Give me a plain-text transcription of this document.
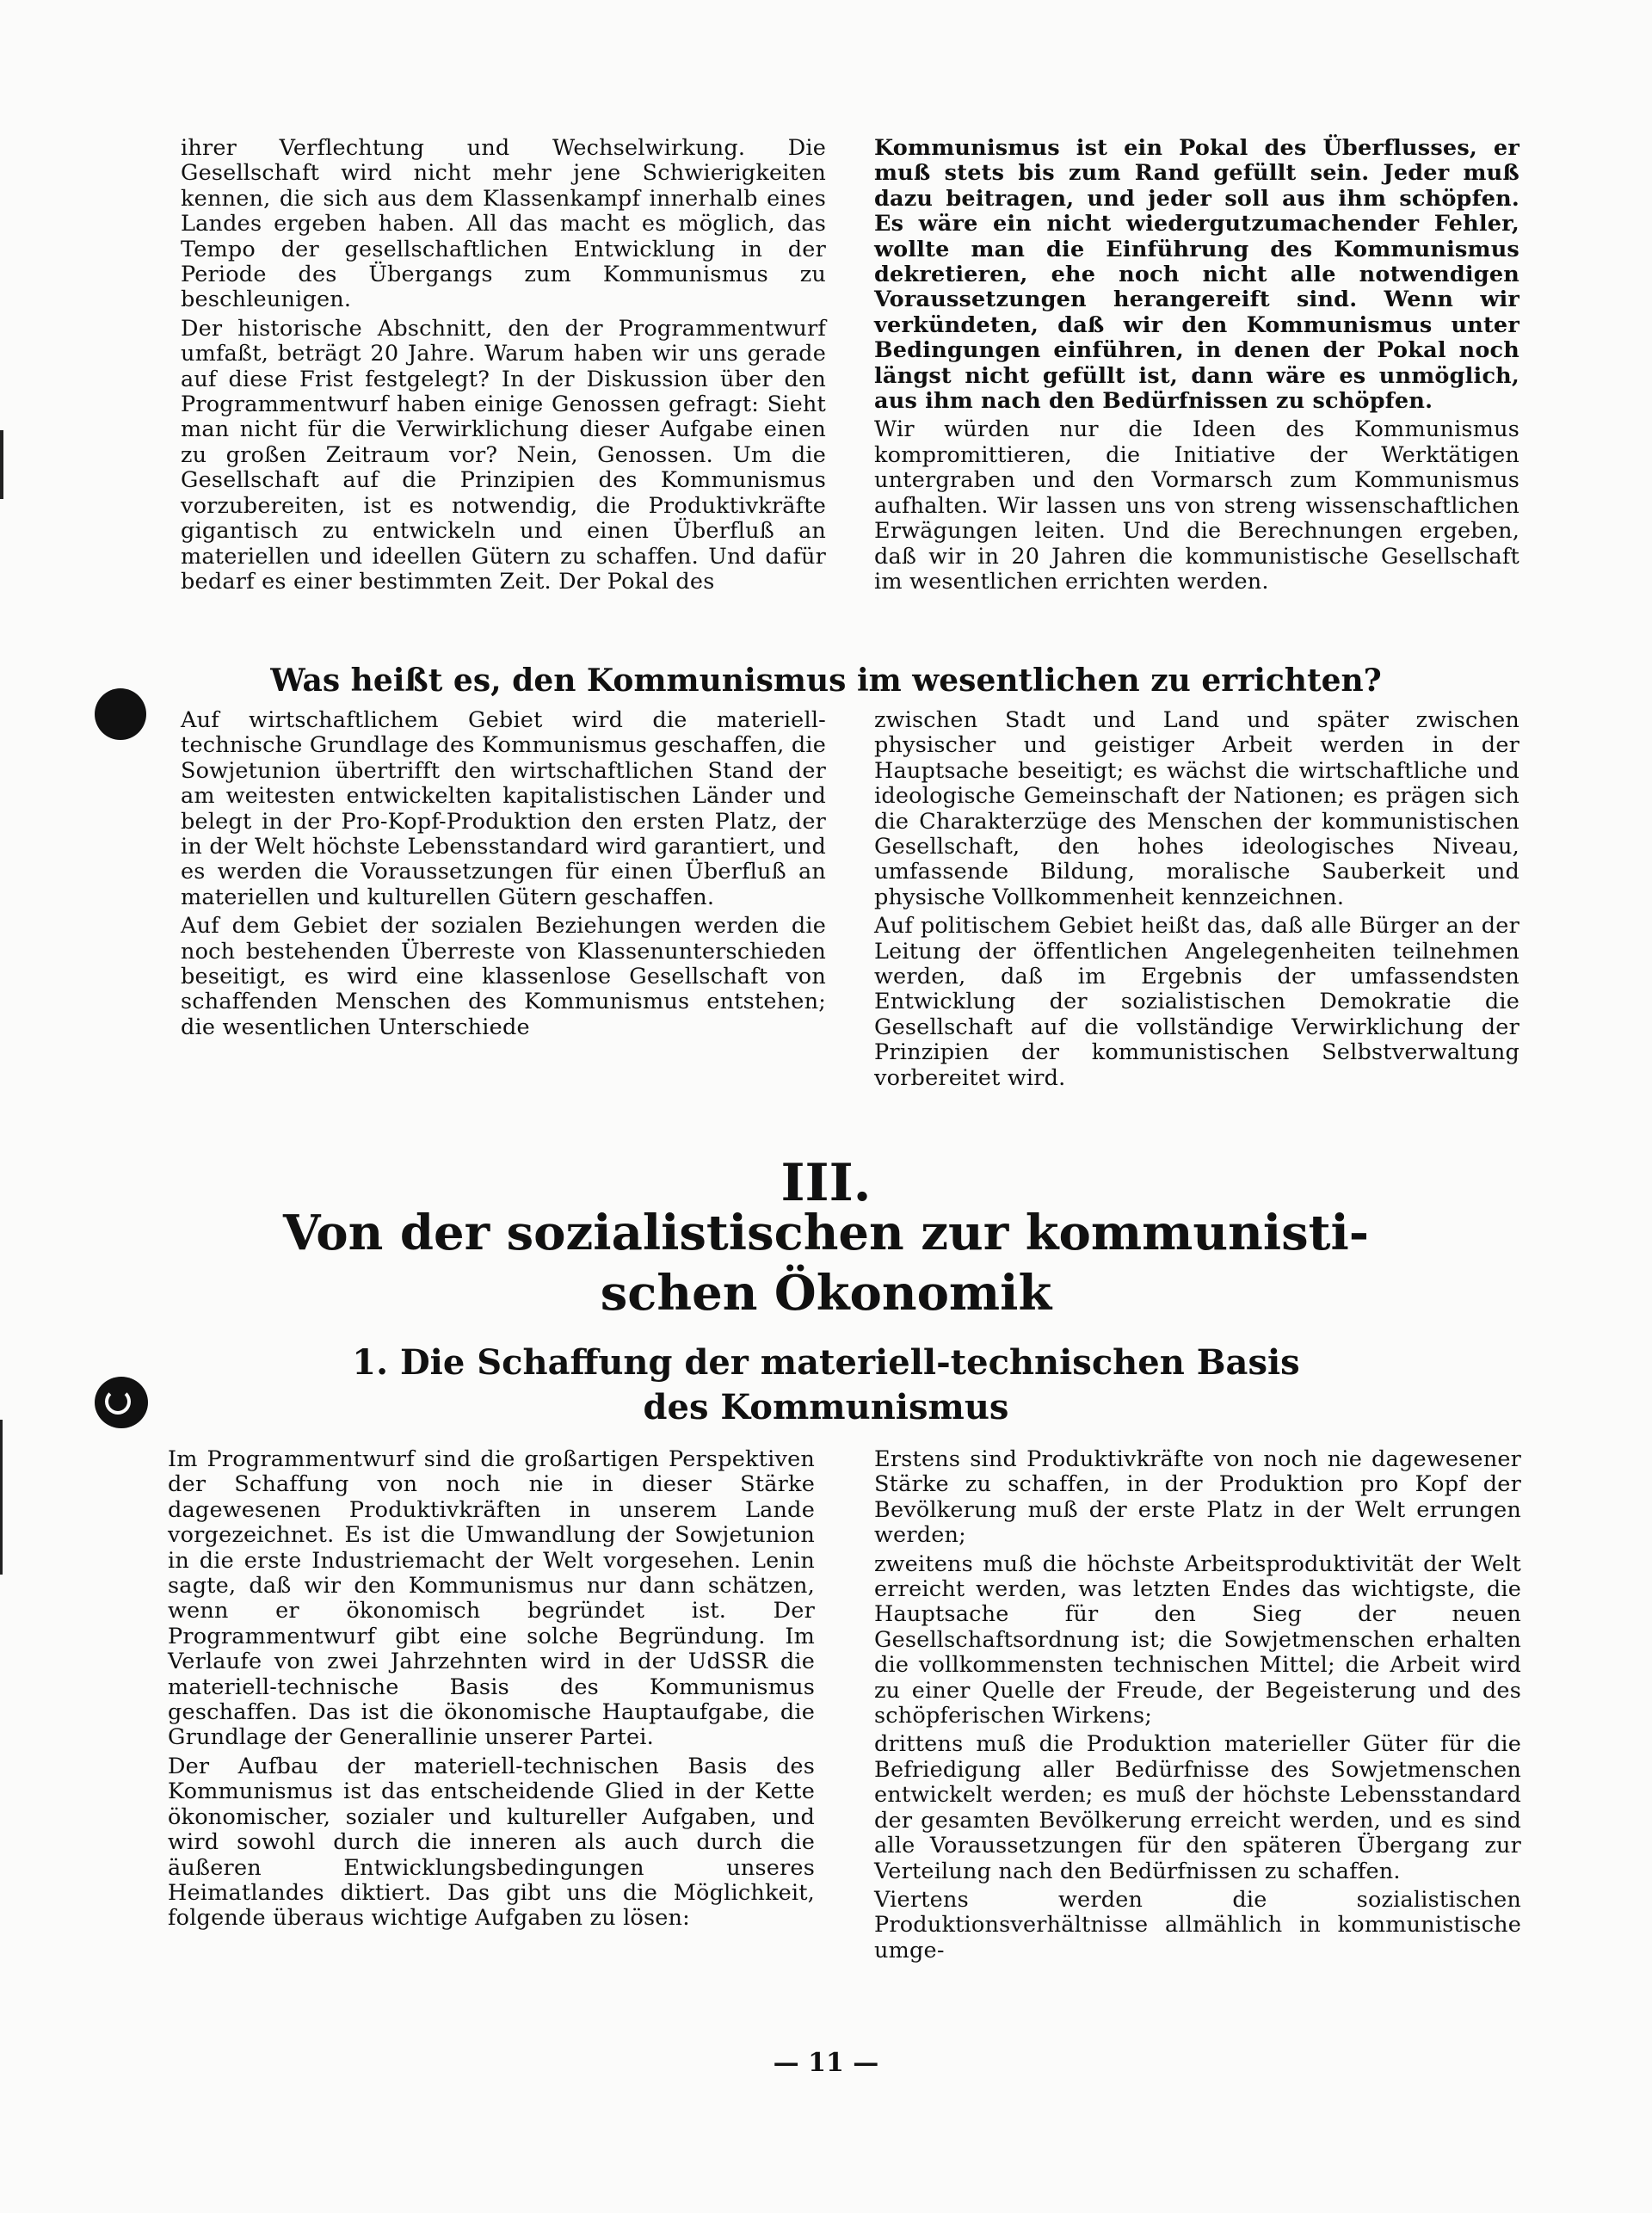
ihrer Verflechtung und Wechselwirkung. Die Gesellschaft wird nicht mehr jene Schwierigkeiten kennen, die sich aus dem Klassenkampf innerhalb eines Landes ergeben haben. All das macht es möglich, das Tempo der gesellschaftlichen Entwicklung in der Periode des Übergangs zum Kommunismus zu beschleunigen.

Der historische Abschnitt, den der Programmentwurf umfaßt, beträgt 20 Jahre. Warum haben wir uns gerade auf diese Frist festgelegt? In der Diskussion über den Programmentwurf haben einige Genossen gefragt: Sieht man nicht für die Verwirklichung dieser Aufgabe einen zu großen Zeitraum vor? Nein, Genossen. Um die Gesellschaft auf die Prinzipien des Kommunismus vorzubereiten, ist es notwendig, die Produktivkräfte gigantisch zu entwickeln und einen Überfluß an materiellen und ideellen Gütern zu schaffen. Und dafür bedarf es einer bestimmten Zeit. Der Pokal des

Kommunismus ist ein Pokal des Überflusses, er muß stets bis zum Rand gefüllt sein. Jeder muß dazu beitragen, und jeder soll aus ihm schöpfen. Es wäre ein nicht wiedergutzumachender Fehler, wollte man die Einführung des Kommunismus dekretieren, ehe noch nicht alle notwendigen Voraussetzungen herangereift sind. Wenn wir verkündeten, daß wir den Kommunismus unter Bedingungen einführen, in denen der Pokal noch längst nicht gefüllt ist, dann wäre es unmöglich, aus ihm nach den Bedürfnissen zu schöpfen.

Wir würden nur die Ideen des Kommunismus kompromittieren, die Initiative der Werktätigen untergraben und den Vormarsch zum Kommunismus aufhalten. Wir lassen uns von streng wissenschaftlichen Erwägungen leiten. Und die Berechnungen ergeben, daß wir in 20 Jahren die kommunistische Gesellschaft im wesentlichen errichten werden.

Was heißt es, den Kommunismus im wesentlichen zu errichten?

Auf wirtschaftlichem Gebiet wird die materiell-technische Grundlage des Kommunismus geschaffen, die Sowjetunion übertrifft den wirtschaftlichen Stand der am weitesten entwickelten kapitalistischen Länder und belegt in der Pro-Kopf-Produktion den ersten Platz, der in der Welt höchste Lebensstandard wird garantiert, und es werden die Voraussetzungen für einen Überfluß an materiellen und kulturellen Gütern geschaffen.

Auf dem Gebiet der sozialen Beziehungen werden die noch bestehenden Überreste von Klassenunterschieden beseitigt, es wird eine klassenlose Gesellschaft von schaffenden Menschen des Kommunismus entstehen; die wesentlichen Unterschiede

zwischen Stadt und Land und später zwischen physischer und geistiger Arbeit werden in der Hauptsache beseitigt; es wächst die wirtschaftliche und ideologische Gemeinschaft der Nationen; es prägen sich die Charakterzüge des Menschen der kommunistischen Gesellschaft, den hohes ideologisches Niveau, umfassende Bildung, moralische Sauberkeit und physische Vollkommenheit kennzeichnen.

Auf politischem Gebiet heißt das, daß alle Bürger an der Leitung der öffentlichen Angelegenheiten teilnehmen werden, daß im Ergebnis der umfassendsten Entwicklung der sozialistischen Demokratie die Gesellschaft auf die vollständige Verwirklichung der Prinzipien der kommunistischen Selbstverwaltung vorbereitet wird.

III.
Von der sozialistischen zur kommunisti-
schen Ökonomik
1. Die Schaffung der materiell-technischen Basis
des Kommunismus

Im Programmentwurf sind die großartigen Perspektiven der Schaffung von noch nie in dieser Stärke dagewesenen Produktivkräften in unserem Lande vorgezeichnet. Es ist die Umwandlung der Sowjetunion in die erste Industriemacht der Welt vorgesehen. Lenin sagte, daß wir den Kommunismus nur dann schätzen, wenn er ökonomisch begründet ist. Der Programmentwurf gibt eine solche Begründung. Im Verlaufe von zwei Jahrzehnten wird in der UdSSR die materiell-technische Basis des Kommunismus geschaffen. Das ist die ökonomische Hauptaufgabe, die Grundlage der Generallinie unserer Partei.

Der Aufbau der materiell-technischen Basis des Kommunismus ist das entscheidende Glied in der Kette ökonomischer, sozialer und kultureller Aufgaben, und wird sowohl durch die inneren als auch durch die äußeren Entwicklungsbedingungen unseres Heimatlandes diktiert. Das gibt uns die Möglichkeit, folgende überaus wichtige Aufgaben zu lösen:

Erstens sind Produktivkräfte von noch nie dagewesener Stärke zu schaffen, in der Produktion pro Kopf der Bevölkerung muß der erste Platz in der Welt errungen werden;

zweitens muß die höchste Arbeitsproduktivität der Welt erreicht werden, was letzten Endes das wichtigste, die Hauptsache für den Sieg der neuen Gesellschaftsordnung ist; die Sowjetmenschen erhalten die vollkommensten technischen Mittel; die Arbeit wird zu einer Quelle der Freude, der Begeisterung und des schöpferischen Wirkens;

drittens muß die Produktion materieller Güter für die Befriedigung aller Bedürfnisse des Sowjetmenschen entwickelt werden; es muß der höchste Lebensstandard der gesamten Bevölkerung erreicht werden, und es sind alle Voraussetzungen für den späteren Übergang zur Verteilung nach den Bedürfnissen zu schaffen.

Viertens werden die sozialistischen Produktionsverhältnisse allmählich in kommunistische umge-

— 11 —
